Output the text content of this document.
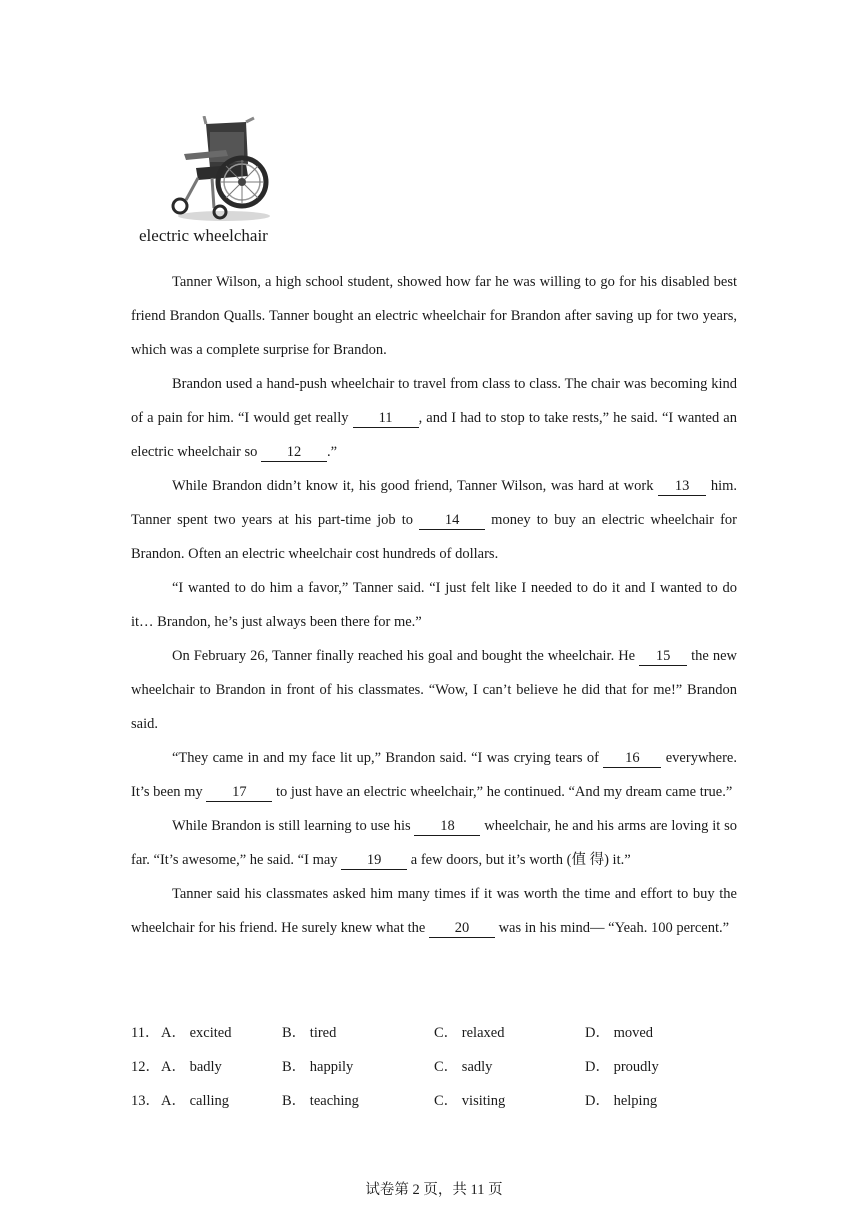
electric wheelchair

Tanner Wilson, a high school student, showed how far he was willing to go for his disabled best friend Brandon Qualls. Tanner bought an electric wheelchair for Brandon after saving up for two years, which was a complete surprise for Brandon.

Brandon used a hand-push wheelchair to travel from class to class. The chair was becoming kind of a pain for him. “I would get really 11 , and I had to stop to take rests,” he said. “I wanted an electric wheelchair so 12 .”

While Brandon didn’t know it, his good friend, Tanner Wilson, was hard at work 13 him. Tanner spent two years at his part-time job to 14 money to buy an electric wheelchair for Brandon. Often an electric wheelchair cost hundreds of dollars.

“I wanted to do him a favor,” Tanner said. “I just felt like I needed to do it and I wanted to do it… Brandon, he’s just always been there for me.”

On February 26, Tanner finally reached his goal and bought the wheelchair. He 15 the new wheelchair to Brandon in front of his classmates. “Wow, I can’t believe he did that for me!” Brandon said.

“They came in and my face lit up,” Brandon said. “I was crying tears of 16 everywhere. It’s been my 17 to just have an electric wheelchair,” he continued. “And my dream came true.”

While Brandon is still learning to use his 18 wheelchair, he and his arms are loving it so far. “It’s awesome,” he said. “I may 19 a few doors, but it’s worth (值 得) it.”

Tanner said his classmates asked him many times if it was worth the time and effort to buy the wheelchair for his friend. He surely knew what the 20 was in his mind— “Yeah. 100 percent.”

11． A． excited	B． tired	C． relaxed	D． moved
12． A． badly	B． happily	C． sadly	D． proudly
13． A． calling	B． teaching	C． visiting	D． helping
试卷第 2 页，共 11 页
